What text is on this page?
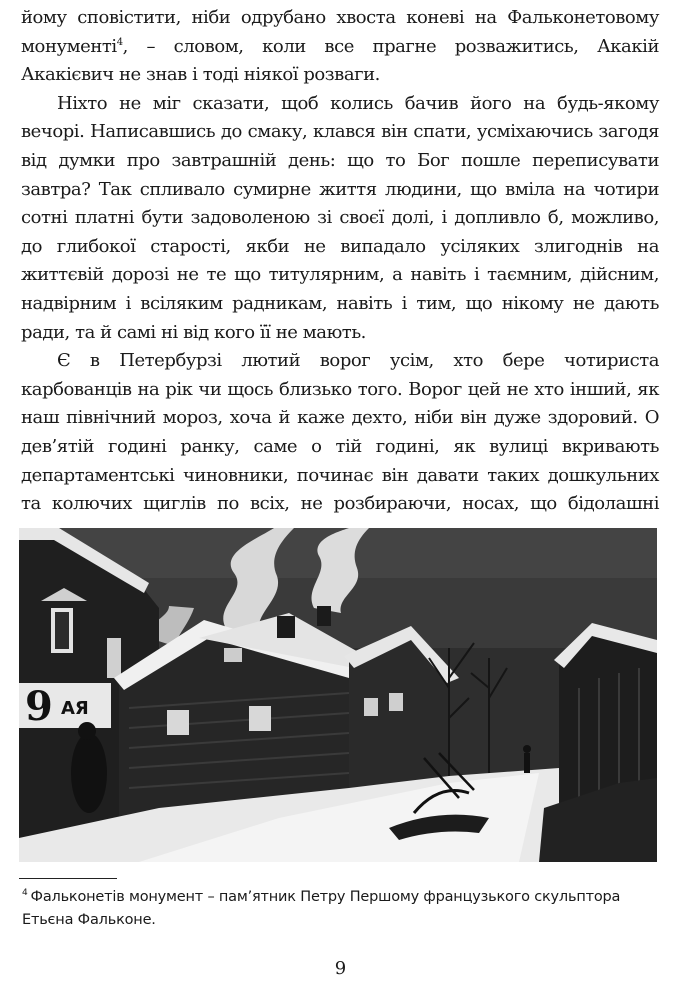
йому сповістити, ніби одрубано хвоста коневі на Фальконетовому монументі$^4$, – словом, коли все прагне розважитись, Акакій Акакієвич не знав і тоді ніякої розваги.

Ніхто не міг сказати, щоб колись бачив його на будь-якому вечорі. Написавшись до смаку, клався він спати, усміхаючись загодя від думки про завтрашній день: що то Бог пошле переписувати завтра? Так спливало сумирне життя людини, що вміла на чотири сотні платні бути задоволеною зі своєї долі, і допливло б, можливо, до глибокої старості, якби не випадало усіляких злигоднів на життєвій дорозі не те що титулярним, а навіть і таємним, дійсним, надвірним і всіляким радникам, навіть і тим, що нікому не дають ради, та й самі ні від кого її не мають.

Є в Петербурзі лютий ворог усім, хто бере чотириста карбованців на рік чи щось близько того. Ворог цей не хто інший, як наш північний мороз, хоча й каже дехто, ніби він дуже здоровий. О дев’ятій годині ранку, саме о тій годині, як вулиці вкривають департаментські чиновники, починає він давати таких дошкульних та колючих щиглів по всіх, не розбираючи, носах, що бідолашні

9 АЯ
$^4$ Фальконетів монумент – пам’ятник Петру Першому французького скульптора Етьєна Фальконе.
9
